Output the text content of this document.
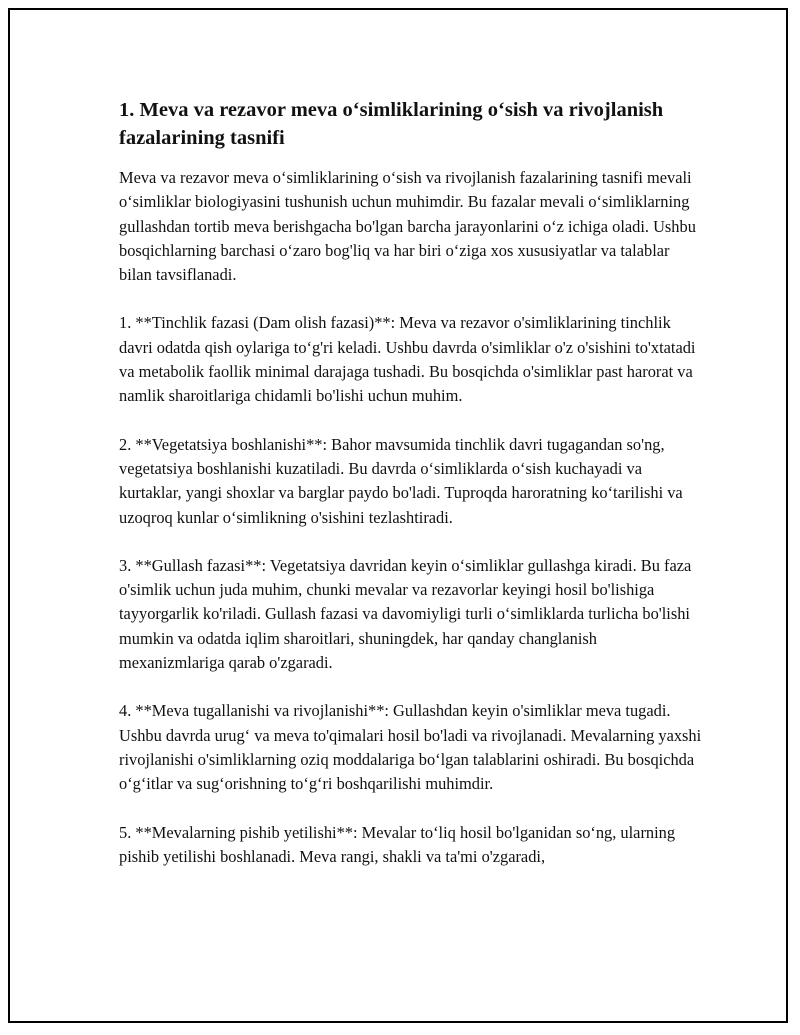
1. Meva va rezavor meva o‘simliklarining o‘sish va rivojlanish fazalarining tasnifi

Meva va rezavor meva o‘simliklarining o‘sish va rivojlanish fazalarining tasnifi mevali o‘simliklar biologiyasini tushunish uchun muhimdir. Bu fazalar mevali o‘simliklarning gullashdan tortib meva berishgacha bo'lgan barcha jarayonlarini o‘z ichiga oladi. Ushbu bosqichlarning barchasi o‘zaro bog'liq va har biri o‘ziga xos xususiyatlar va talablar bilan tavsiflanadi.

1. **Tinchlik fazasi (Dam olish fazasi)**: Meva va rezavor o'simliklarining tinchlik davri odatda qish oylariga to‘g'ri keladi. Ushbu davrda o'simliklar o'z o'sishini to'xtatadi va metabolik faollik minimal darajaga tushadi. Bu bosqichda o'simliklar past harorat va namlik sharoitlariga chidamli bo'lishi uchun muhim.

2. **Vegetatsiya boshlanishi**: Bahor mavsumida tinchlik davri tugagandan so'ng, vegetatsiya boshlanishi kuzatiladi. Bu davrda o‘simliklarda o‘sish kuchayadi va kurtaklar, yangi shoxlar va barglar paydo bo'ladi. Tuproqda haroratning ko‘tarilishi va uzoqroq kunlar o‘simlikning o'sishini tezlashtiradi.

3. **Gullash fazasi**: Vegetatsiya davridan keyin o‘simliklar gullashga kiradi. Bu faza o'simlik uchun juda muhim, chunki mevalar va rezavorlar keyingi hosil bo'lishiga tayyorgarlik ko'riladi. Gullash fazasi va davomiyligi turli o‘simliklarda turlicha bo'lishi mumkin va odatda iqlim sharoitlari, shuningdek, har qanday changlanish mexanizmlariga qarab o'zgaradi.

4. **Meva tugallanishi va rivojlanishi**: Gullashdan keyin o'simliklar meva tugadi. Ushbu davrda urug‘ va meva to'qimalari hosil bo'ladi va rivojlanadi. Mevalarning yaxshi rivojlanishi o'simliklarning oziq moddalariga bo‘lgan talablarini oshiradi. Bu bosqichda o‘g‘itlar va sug‘orishning to‘g‘ri boshqarilishi muhimdir.

5. **Mevalarning pishib yetilishi**: Mevalar to‘liq hosil bo'lganidan so‘ng, ularning pishib yetilishi boshlanadi. Meva rangi, shakli va ta'mi o'zgaradi,
